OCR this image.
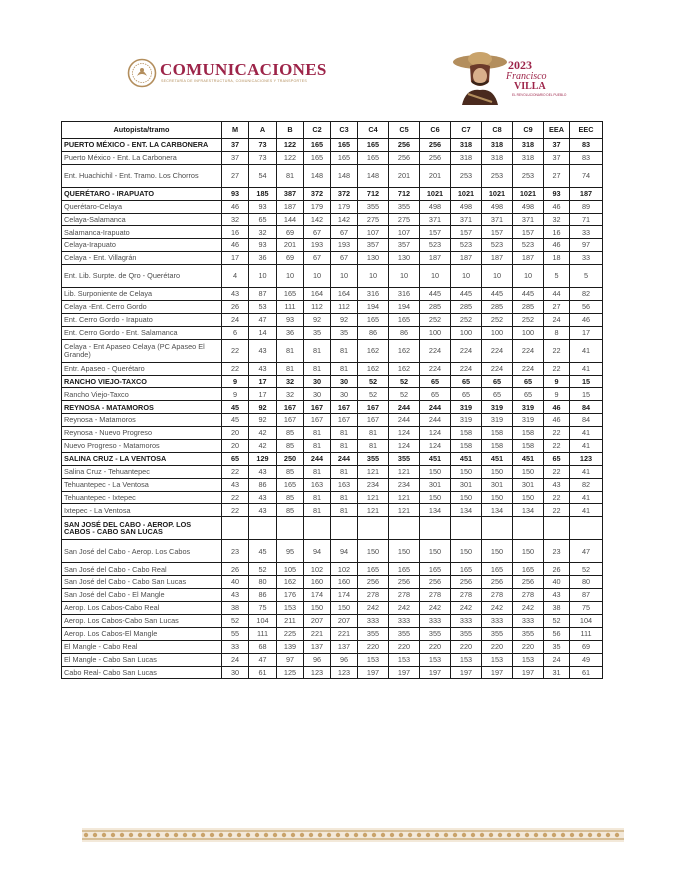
COMUNICACIONES
SECRETARÍA DE INFRAESTRUCTURA, COMUNICACIONES Y TRANSPORTES
2023
Francisco
VILLA
EL REVOLUCIONARIO DEL PUEBLO
Autopista/tramo	M	A	B	C2	C3	C4	C5	C6	C7	C8	C9	EEA	EEC
PUERTO MÉXICO - ENT. LA CARBONERA	37	73	122	165	165	165	256	256	318	318	318	37	83
Puerto México - Ent. La Carbonera	37	73	122	165	165	165	256	256	318	318	318	37	83
Ent. Huachichil - Ent. Tramo. Los Chorros	27	54	81	148	148	148	201	201	253	253	253	27	74
QUERÉTARO - IRAPUATO	93	185	387	372	372	712	712	1021	1021	1021	1021	93	187
Querétaro-Celaya	46	93	187	179	179	355	355	498	498	498	498	46	89
Celaya-Salamanca	32	65	144	142	142	275	275	371	371	371	371	32	71
Salamanca-Irapuato	16	32	69	67	67	107	107	157	157	157	157	16	33
Celaya-Irapuato	46	93	201	193	193	357	357	523	523	523	523	46	97
Celaya - Ent. Villagrán	17	36	69	67	67	130	130	187	187	187	187	18	33
Ent. Lib. Surpte. de Qro - Querétaro	4	10	10	10	10	10	10	10	10	10	10	5	5
Lib. Surponiente de Celaya	43	87	165	164	164	316	316	445	445	445	445	44	82
Celaya -Ent. Cerro Gordo	26	53	111	112	112	194	194	285	285	285	285	27	56
Ent. Cerro Gordo - Irapuato	24	47	93	92	92	165	165	252	252	252	252	24	46
Ent. Cerro Gordo - Ent. Salamanca	6	14	36	35	35	86	86	100	100	100	100	8	17
Celaya - Ent Apaseo Celaya (PC Apaseo El Grande)	22	43	81	81	81	162	162	224	224	224	224	22	41
Entr. Apaseo - Querétaro	22	43	81	81	81	162	162	224	224	224	224	22	41
RANCHO VIEJO-TAXCO	9	17	32	30	30	52	52	65	65	65	65	9	15
Rancho Viejo-Taxco	9	17	32	30	30	52	52	65	65	65	65	9	15
REYNOSA - MATAMOROS	45	92	167	167	167	167	244	244	319	319	319	46	84
Reynosa - Matamoros	45	92	167	167	167	167	244	244	319	319	319	46	84
Reynosa - Nuevo Progreso	20	42	85	81	81	81	124	124	158	158	158	22	41
Nuevo Progreso - Matamoros	20	42	85	81	81	81	124	124	158	158	158	22	41
SALINA CRUZ - LA VENTOSA	65	129	250	244	244	355	355	451	451	451	451	65	123
Salina Cruz - Tehuantepec	22	43	85	81	81	121	121	150	150	150	150	22	41
Tehuantepec - La Ventosa	43	86	165	163	163	234	234	301	301	301	301	43	82
Tehuantepec - Ixtepec	22	43	85	81	81	121	121	150	150	150	150	22	41
Ixtepec - La Ventosa	22	43	85	81	81	121	121	134	134	134	134	22	41
SAN JOSÉ DEL CABO - AEROP. LOS CABOS - CABO SAN LUCAS													
San José del Cabo - Aerop. Los Cabos	23	45	95	94	94	150	150	150	150	150	150	23	47
San José del Cabo - Cabo Real	26	52	105	102	102	165	165	165	165	165	165	26	52
San José del Cabo - Cabo San Lucas	40	80	162	160	160	256	256	256	256	256	256	40	80
San José del Cabo - El Mangle	43	86	176	174	174	278	278	278	278	278	278	43	87
Aerop. Los Cabos-Cabo Real	38	75	153	150	150	242	242	242	242	242	242	38	75
Aerop. Los Cabos-Cabo San Lucas	52	104	211	207	207	333	333	333	333	333	333	52	104
Aerop. Los Cabos-El Mangle	55	111	225	221	221	355	355	355	355	355	355	56	111
El Mangle - Cabo Real	33	68	139	137	137	220	220	220	220	220	220	35	69
El Mangle - Cabo San Lucas	24	47	97	96	96	153	153	153	153	153	153	24	49
Cabo Real- Cabo San Lucas	30	61	125	123	123	197	197	197	197	197	197	31	61
